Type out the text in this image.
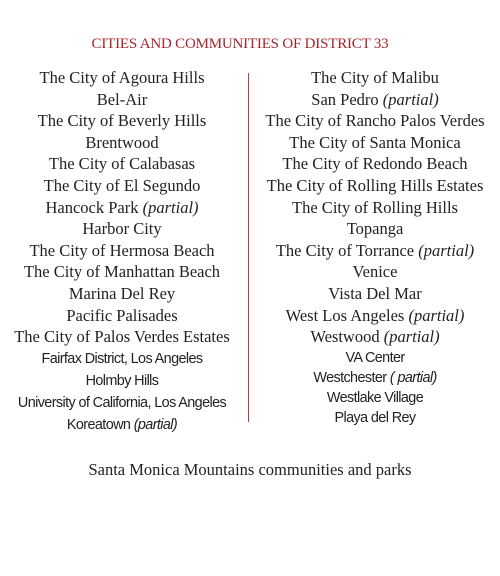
CITIES AND COMMUNITIES OF DISTRICT 33
The City of Agoura Hills
Bel-Air
The City of Beverly Hills
Brentwood
The City of Calabasas
The City of El Segundo
Hancock Park (partial)
Harbor City
The City of Hermosa Beach
The City of Manhattan Beach
Marina Del Rey
Pacific Palisades
The City of Palos Verdes Estates
Fairfax District, Los Angeles
Holmby Hills
University of California, Los Angeles
Koreatown (partial)
The City of Malibu
San Pedro (partial)
The City of Rancho Palos Verdes
The City of Santa Monica
The City of Redondo Beach
The City of Rolling Hills Estates
The City of Rolling Hills
Topanga
The City of Torrance (partial)
Venice
Vista Del Mar
West Los Angeles (partial)
Westwood (partial)
VA Center
Westchester ( partial)
Westlake Village
Playa del Rey
Santa Monica Mountains communities and parks
